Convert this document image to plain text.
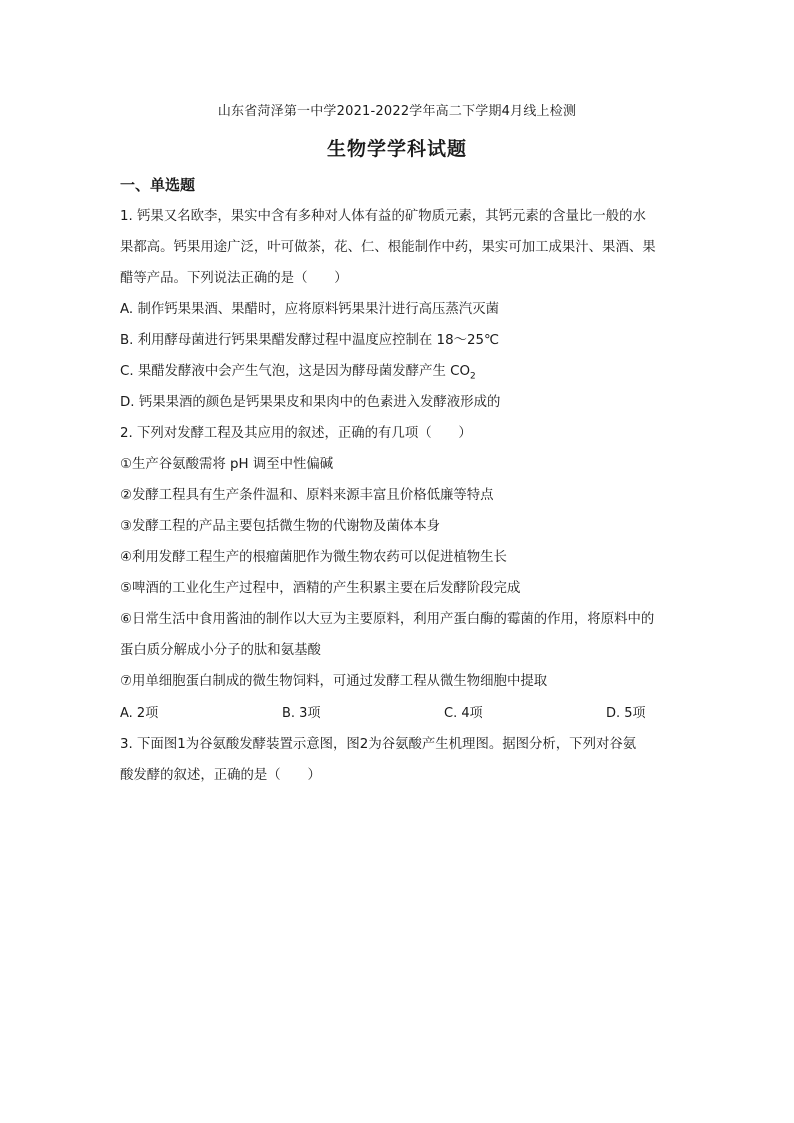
山东省菏泽第一中学2021-2022学年高二下学期4月线上检测
生物学学科试题
一、单选题
1. 钙果又名欧李，果实中含有多种对人体有益的矿物质元素，其钙元素的含量比一般的水
果都高。钙果用途广泛，叶可做茶，花、仁、根能制作中药，果实可加工成果汁、果酒、果
醋等产品。下列说法正确的是（　　）
A. 制作钙果果酒、果醋时，应将原料钙果果汁进行高压蒸汽灭菌
B. 利用酵母菌进行钙果果醋发酵过程中温度应控制在 18～25℃
C. 果醋发酵液中会产生气泡，这是因为酵母菌发酵产生 $CO_2$
D. 钙果果酒的颜色是钙果果皮和果肉中的色素进入发酵液形成的
2. 下列对发酵工程及其应用的叙述，正确的有几项（　　）
①生产谷氨酸需将 pH 调至中性偏碱
②发酵工程具有生产条件温和、原料来源丰富且价格低廉等特点
③发酵工程的产品主要包括微生物的代谢物及菌体本身
④利用发酵工程生产的根瘤菌肥作为微生物农药可以促进植物生长
⑤啤酒的工业化生产过程中，酒精的产生积累主要在后发酵阶段完成
⑥日常生活中食用酱油的制作以大豆为主要原料，利用产蛋白酶的霉菌的作用，将原料中的
蛋白质分解成小分子的肽和氨基酸
⑦用单细胞蛋白制成的微生物饲料，可通过发酵工程从微生物细胞中提取
A. 2项	B. 3项	C. 4项	D. 5项
3. 下面图1为谷氨酸发酵装置示意图，图2为谷氨酸产生机理图。据图分析，下列对谷氨
酸发酵的叙述，正确的是（　　）
